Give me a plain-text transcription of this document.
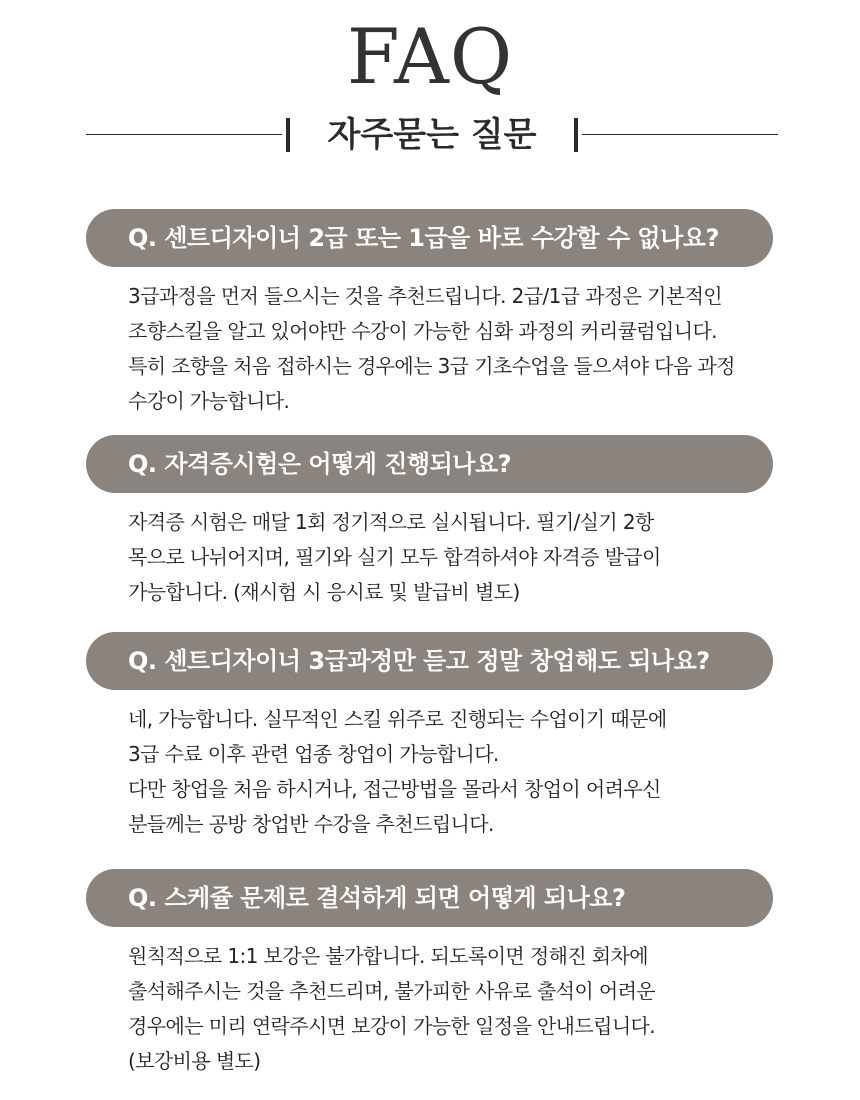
FAQ
자주묻는 질문
Q. 센트디자이너 2급 또는 1급을 바로 수강할 수 없나요?
3급과정을 먼저 들으시는 것을 추천드립니다. 2급/1급 과정은 기본적인
조향스킬을 알고 있어야만 수강이 가능한 심화 과정의 커리큘럼입니다.
특히 조향을 처음 접하시는 경우에는 3급 기초수업을 들으셔야 다음 과정
수강이 가능합니다.
Q. 자격증시험은 어떻게 진행되나요?
자격증 시험은 매달 1회 정기적으로 실시됩니다. 필기/실기 2항
목으로 나뉘어지며, 필기와 실기 모두 합격하셔야 자격증 발급이
가능합니다. (재시험 시 응시료 및 발급비 별도)
Q. 센트디자이너 3급과정만 듣고 정말 창업해도 되나요?
네, 가능합니다. 실무적인 스킬 위주로 진행되는 수업이기 때문에
3급 수료 이후 관련 업종 창업이 가능합니다.
다만 창업을 처음 하시거나, 접근방법을 몰라서 창업이 어려우신
분들께는 공방 창업반 수강을 추천드립니다.
Q. 스케쥴 문제로 결석하게 되면 어떻게 되나요?
원칙적으로 1:1 보강은 불가합니다. 되도록이면 정해진 회차에
출석해주시는 것을 추천드리며, 불가피한 사유로 출석이 어려운
경우에는 미리 연락주시면 보강이 가능한 일정을 안내드립니다.
(보강비용 별도)
